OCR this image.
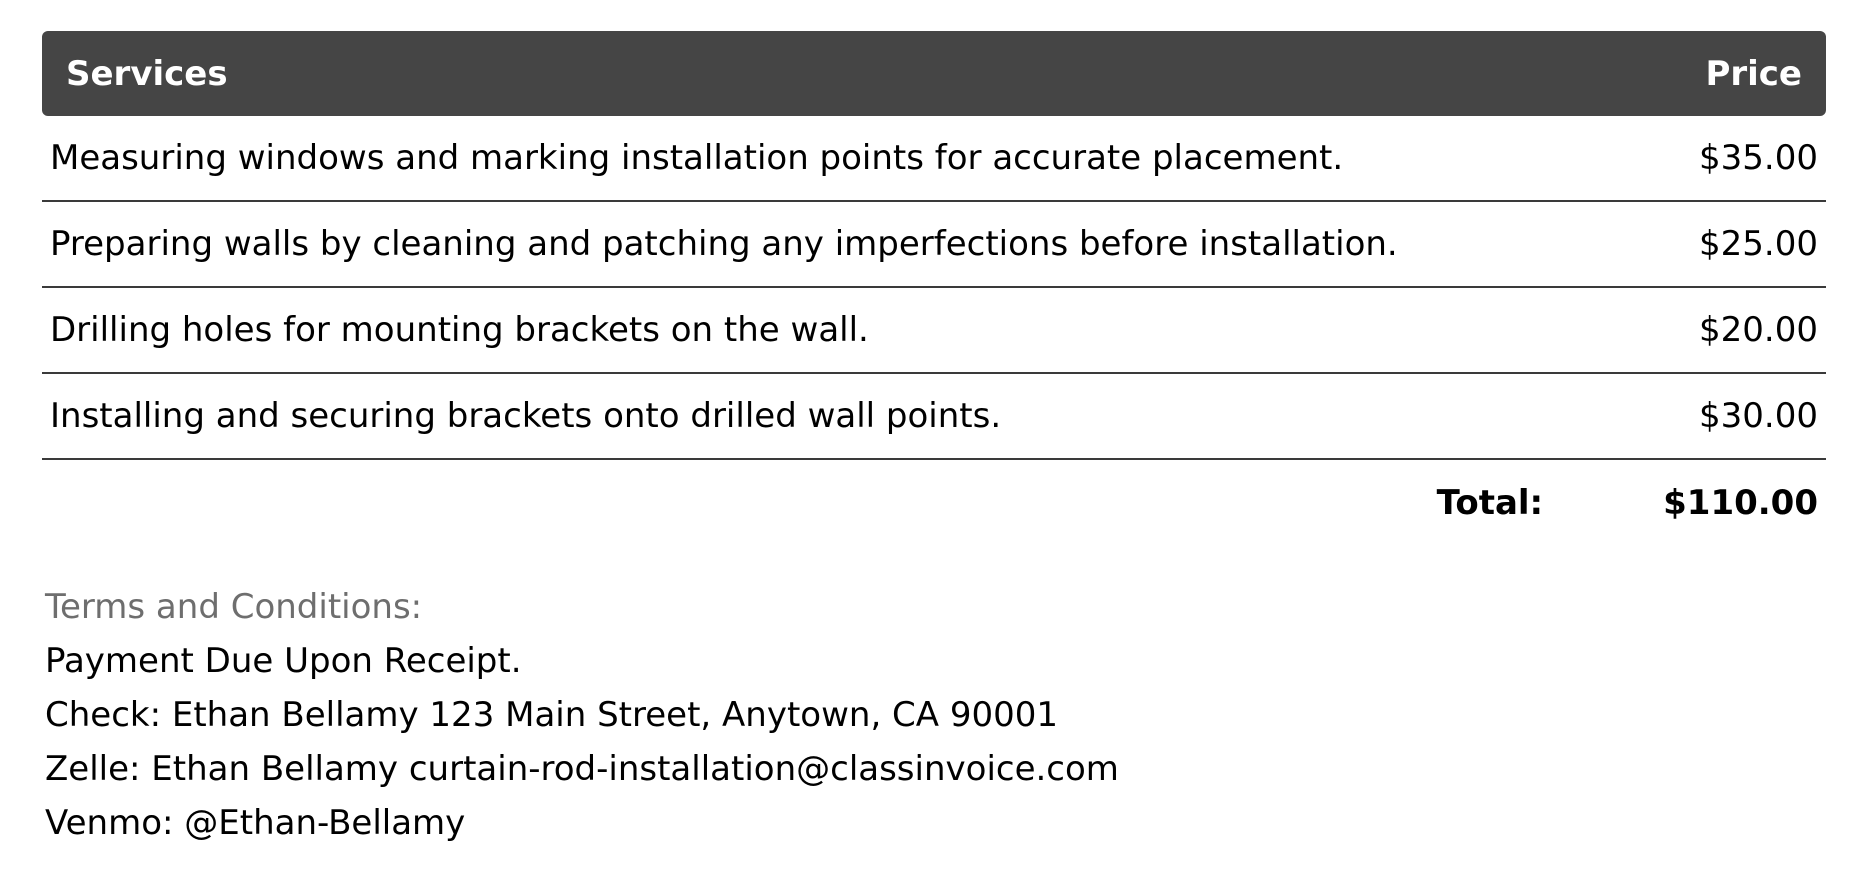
Services	Price
Measuring windows and marking installation points for accurate placement.	$35.00
Preparing walls by cleaning and patching any imperfections before installation.	$25.00
Drilling holes for mounting brackets on the wall.	$20.00
Installing and securing brackets onto drilled wall points.	$30.00
Total:	$110.00
Terms and Conditions:
Payment Due Upon Receipt.
Check: Ethan Bellamy 123 Main Street, Anytown, CA 90001
Zelle: Ethan Bellamy curtain-rod-installation@classinvoice.com
Venmo: @Ethan-Bellamy
